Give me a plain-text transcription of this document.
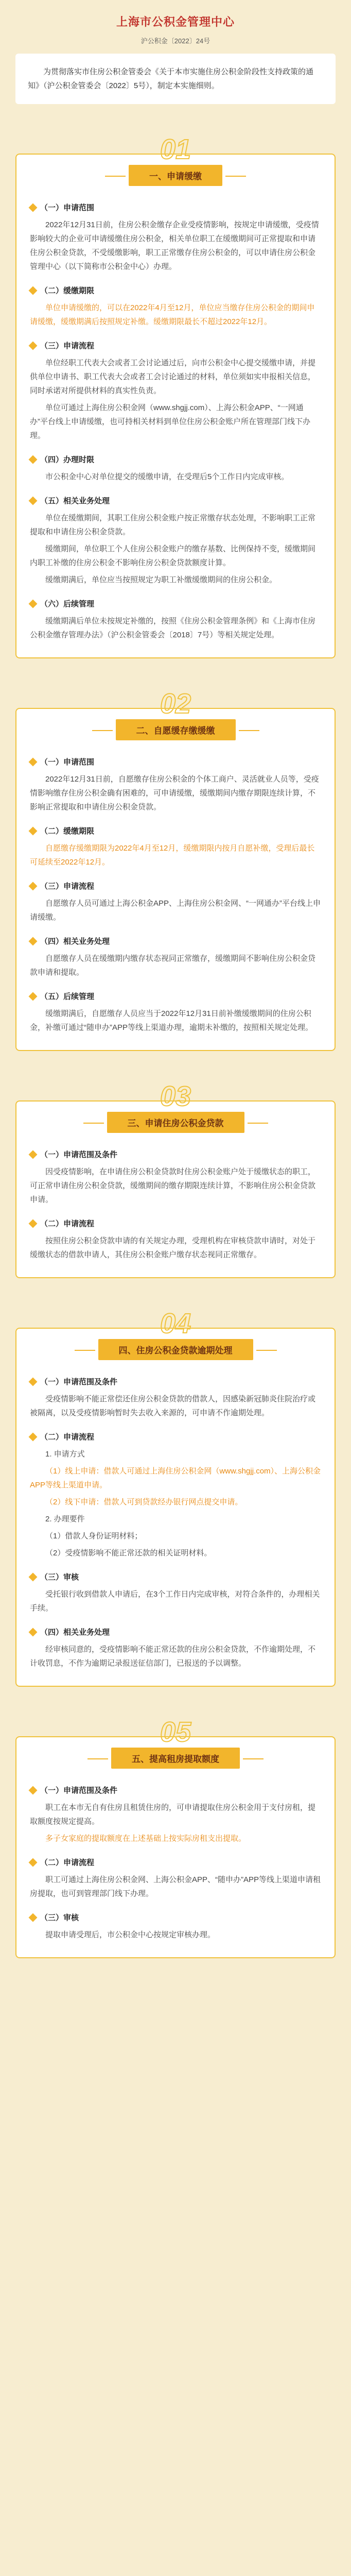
上海市公积金管理中心
沪公积金〔2022〕24号
为贯彻落实市住房公积金管委会《关于本市实施住房公积金阶段性支持政策的通知》（沪公积金管委会〔2022〕5号），制定本实施细则。
01
一、申请缓缴
（一）申请范围
2022年12月31日前，住房公积金缴存企业受疫情影响，按规定申请缓缴，受疫情影响较大的企业可申请缓缴住房公积金，相关单位职工在缓缴期间可正常提取和申请住房公积金贷款，不受缓缴影响，职工正常缴存住房公积金的，可以申请住房公积金管理中心（以下简称市公积金中心）办理。
（二）缓缴期限
单位申请缓缴的，可以在2022年4月至12月，单位应当缴存住房公积金的期间申请缓缴，缓缴期满后按照规定补缴。缓缴期限最长不超过2022年12月。
（三）申请流程
单位经职工代表大会或者工会讨论通过后，向市公积金中心提交缓缴申请，并提供单位申请书、职工代表大会或者工会讨论通过的材料，单位须如实申报相关信息，同时承诺对所提供材料的真实性负责。
单位可通过上海住房公积金网（www.shgjj.com）、上海公积金APP、“一网通办”平台线上申请缓缴，也可持相关材料到单位住房公积金账户所在管理部门线下办理。
（四）办理时限
市公积金中心对单位提交的缓缴申请，在受理后5个工作日内完成审核。
（五）相关业务处理
单位在缓缴期间，其职工住房公积金账户按正常缴存状态处理，不影响职工正常提取和申请住房公积金贷款。
缓缴期间，单位职工个人住房公积金账户的缴存基数、比例保持不变，缓缴期间内职工补缴的住房公积金不影响住房公积金贷款额度计算。
缓缴期满后，单位应当按照规定为职工补缴缓缴期间的住房公积金。
（六）后续管理
缓缴期满后单位未按规定补缴的，按照《住房公积金管理条例》和《上海市住房公积金缴存管理办法》（沪公积金管委会〔2018〕7号）等相关规定处理。
02
二、自愿缓存缴缓缴
（一）申请范围
2022年12月31日前，自愿缴存住房公积金的个体工商户、灵活就业人员等，受疫情影响缴存住房公积金确有困难的，可申请缓缴，缓缴期间内缴存期限连续计算，不影响正常提取和申请住房公积金贷款。
（二）缓缴期限
自愿缴存缓缴期限为2022年4月至12月，缓缴期限内按月自愿补缴，受理后最长可延续至2022年12月。
（三）申请流程
自愿缴存人员可通过上海公积金APP、上海住房公积金网、“一网通办”平台线上申请缓缴。
（四）相关业务处理
自愿缴存人员在缓缴期内缴存状态视同正常缴存，缓缴期间不影响住房公积金贷款申请和提取。
（五）后续管理
缓缴期满后，自愿缴存人员应当于2022年12月31日前补缴缓缴期间的住房公积金，补缴可通过“随申办”APP等线上渠道办理，逾期未补缴的，按照相关规定处理。
03
三、申请住房公积金贷款
（一）申请范围及条件
因受疫情影响，在申请住房公积金贷款时住房公积金账户处于缓缴状态的职工，可正常申请住房公积金贷款，缓缴期间的缴存期限连续计算，不影响住房公积金贷款申请。
（二）申请流程
按照住房公积金贷款申请的有关规定办理，受理机构在审核贷款申请时，对处于缓缴状态的借款申请人，其住房公积金账户缴存状态视同正常缴存。
04
四、住房公积金贷款逾期处理
（一）申请范围及条件
受疫情影响不能正常偿还住房公积金贷款的借款人，因感染新冠肺炎住院治疗或被隔离，以及受疫情影响暂时失去收入来源的，可申请不作逾期处理。
（二）申请流程
1. 申请方式
（1）线上申请：借款人可通过上海住房公积金网（www.shgjj.com）、上海公积金APP等线上渠道申请。
（2）线下申请：借款人可到贷款经办银行网点提交申请。
2. 办理要件
（1）借款人身份证明材料；
（2）受疫情影响不能正常还款的相关证明材料。
（三）审核
受托银行收到借款人申请后，在3个工作日内完成审核，对符合条件的，办理相关手续。
（四）相关业务处理
经审核同意的，受疫情影响不能正常还款的住房公积金贷款，不作逾期处理，不计收罚息，不作为逾期记录报送征信部门，已报送的予以调整。
05
五、提高租房提取额度
（一）申请范围及条件
职工在本市无自有住房且租赁住房的，可申请提取住房公积金用于支付房租，提取额度按规定提高。
多子女家庭的提取额度在上述基础上按实际房租支出提取。
（二）申请流程
职工可通过上海住房公积金网、上海公积金APP、“随申办”APP等线上渠道申请租房提取，也可到管理部门线下办理。
（三）审核
提取申请受理后，市公积金中心按规定审核办理。
